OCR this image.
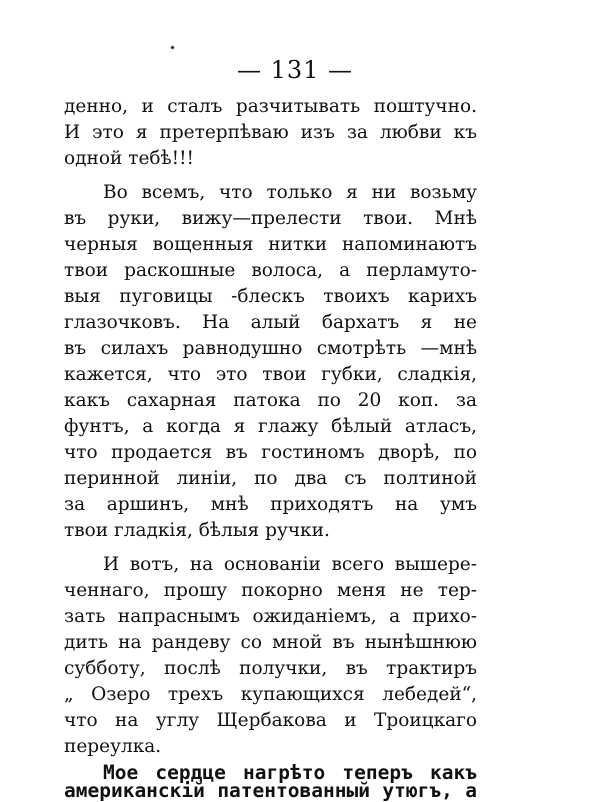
— 131 —
денно, и сталъ разчитывать поштучно.
И это я претерпѣваю изъ за любви къ
одной тебѣ!!!
Во всемъ, что только я ни возьму
въ руки, вижу—прелести твои. Мнѣ
черныя вощенныя нитки напоминаютъ
твои раскошные волоса, а перламуто-
выя пуговицы -блескъ твоихъ карихъ
глазочковъ. На алый бархатъ я не
въ силахъ равнодушно смотрѣть —мнѣ
кажется, что это твои губки, сладкія,
какъ сахарная патока по 20 коп. за
фунтъ, а когда я глажу бѣлый атласъ,
что продается въ гостиномъ дворѣ, по
перинной линіи, по два съ полтиной
за аршинъ, мнѣ приходятъ на умъ
твои гладкія, бѣлыя ручки.
И вотъ, на основаніи всего вышере-
ченнаго, прошу покорно меня не тер-
зать напраснымъ ожиданіемъ, а прихо-
дить на рандеву со мной въ нынѣшнюю
субботу, послѣ получки, въ трактиръ
„ Озеро трехъ купающихся лебедей“,
что на углу Щербакова и Троицкаго
переулка.
Мое сердце нагрѣто теперъ какъ
американскій патентованный утюгъ, а
